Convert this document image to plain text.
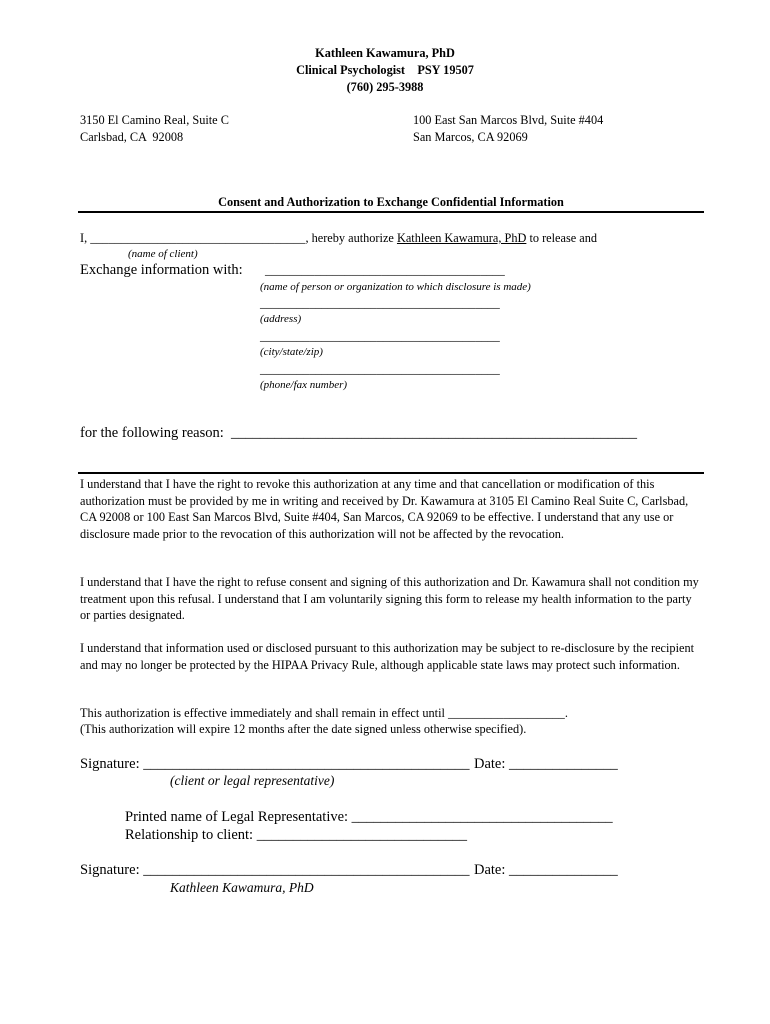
Kathleen Kawamura, PhD
Clinical Psychologist    PSY 19507
(760) 295-3988
3150 El Camino Real, Suite C
Carlsbad, CA  92008
100 East San Marcos Blvd, Suite #404
San Marcos, CA 92069
Consent and Authorization to Exchange Confidential Information
I, ___________________________________, hereby authorize Kathleen Kawamura, PhD to release and
(name of client)
Exchange information with: _______________________________________
(name of person or organization to which disclosure is made)
_______________________________________
(address)
_______________________________________
(city/state/zip)
_______________________________________
(phone/fax number)
for the following reason:  ________________________________________________________
I understand that I have the right to revoke this authorization at any time and that cancellation or modification of this authorization must be provided by me in writing and received by Dr. Kawamura at 3105 El Camino Real Suite C, Carlsbad, CA 92008 or 100 East San Marcos Blvd, Suite #404, San Marcos, CA 92069 to be effective. I understand that any use or disclosure made prior to the revocation of this authorization will not be affected by the revocation.
I understand that I have the right to refuse consent and signing of this authorization and Dr. Kawamura shall not condition my treatment upon this refusal. I understand that I am voluntarily signing this form to release my health information to the party or parties designated.
I understand that information used or disclosed pursuant to this authorization may be subject to re-disclosure by the recipient and may no longer be protected by the HIPAA Privacy Rule, although applicable state laws may protect such information.
This authorization is effective immediately and shall remain in effect until ___________________.
(This authorization will expire 12 months after the date signed unless otherwise specified).
Signature: _____________________________________________ Date: _______________
(client or legal representative)
Printed name of Legal Representative: ____________________________________
Relationship to client: _____________________________
Signature: _____________________________________________ Date: _______________
Kathleen Kawamura, PhD
